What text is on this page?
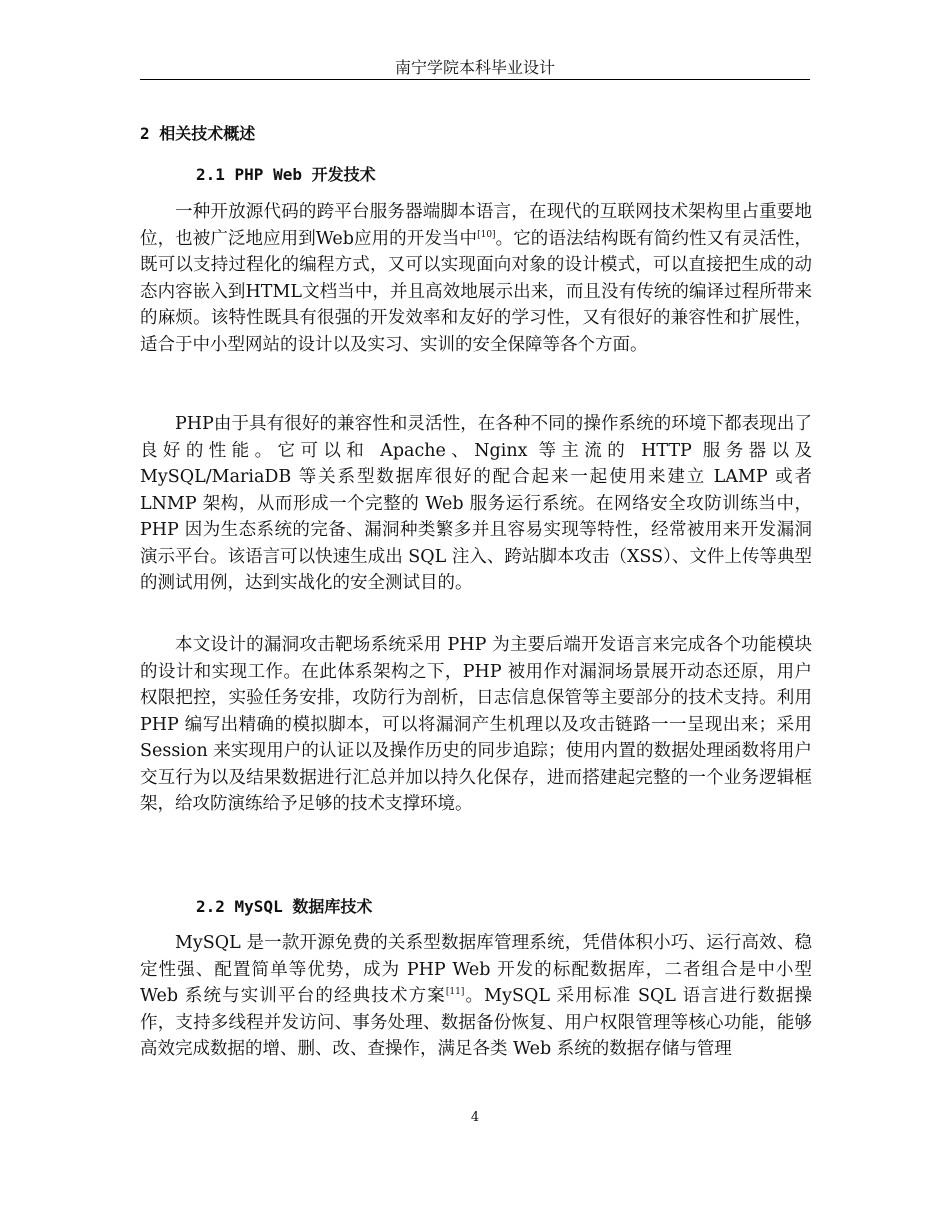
南宁学院本科毕业设计
2 相关技术概述
2.1 PHP Web 开发技术

一种开放源代码的跨平台服务器端脚本语言，在现代的互联网技术架构里占重要地位，也被广泛地应用到Web应用的开发当中[10]。它的语法结构既有简约性又有灵活性，既可以支持过程化的编程方式，又可以实现面向对象的设计模式，可以直接把生成的动态内容嵌入到HTML文档当中，并且高效地展示出来，而且没有传统的编译过程所带来的麻烦。该特性既具有很强的开发效率和友好的学习性，又有很好的兼容性和扩展性，适合于中小型网站的设计以及实习、实训的安全保障等各个方面。

PHP由于具有很好的兼容性和灵活性，在各种不同的操作系统的环境下都表现出了良好的性能。它可以和 Apache、Nginx 等主流的 HTTP 服务器以及 MySQL/MariaDB 等关系型数据库很好的配合起来一起使用来建立 LAMP 或者 LNMP 架构，从而形成一个完整的 Web 服务运行系统。在网络安全攻防训练当中，PHP 因为生态系统的完备、漏洞种类繁多并且容易实现等特性，经常被用来开发漏洞演示平台。该语言可以快速生成出 SQL 注入、跨站脚本攻击（XSS）、文件上传等典型的测试用例，达到实战化的安全测试目的。

本文设计的漏洞攻击靶场系统采用 PHP 为主要后端开发语言来完成各个功能模块的设计和实现工作。在此体系架构之下，PHP 被用作对漏洞场景展开动态还原，用户权限把控，实验任务安排，攻防行为剖析，日志信息保管等主要部分的技术支持。利用 PHP 编写出精确的模拟脚本，可以将漏洞产生机理以及攻击链路一一呈现出来；采用 Session 来实现用户的认证以及操作历史的同步追踪；使用内置的数据处理函数将用户交互行为以及结果数据进行汇总并加以持久化保存，进而搭建起完整的一个业务逻辑框架，给攻防演练给予足够的技术支撑环境。

2.2 MySQL 数据库技术

MySQL 是一款开源免费的关系型数据库管理系统，凭借体积小巧、运行高效、稳定性强、配置简单等优势，成为 PHP Web 开发的标配数据库，二者组合是中小型 Web 系统与实训平台的经典技术方案[11]。MySQL 采用标准 SQL 语言进行数据操作，支持多线程并发访问、事务处理、数据备份恢复、用户权限管理等核心功能，能够高效完成数据的增、删、改、查操作，满足各类 Web 系统的数据存储与管理

4
